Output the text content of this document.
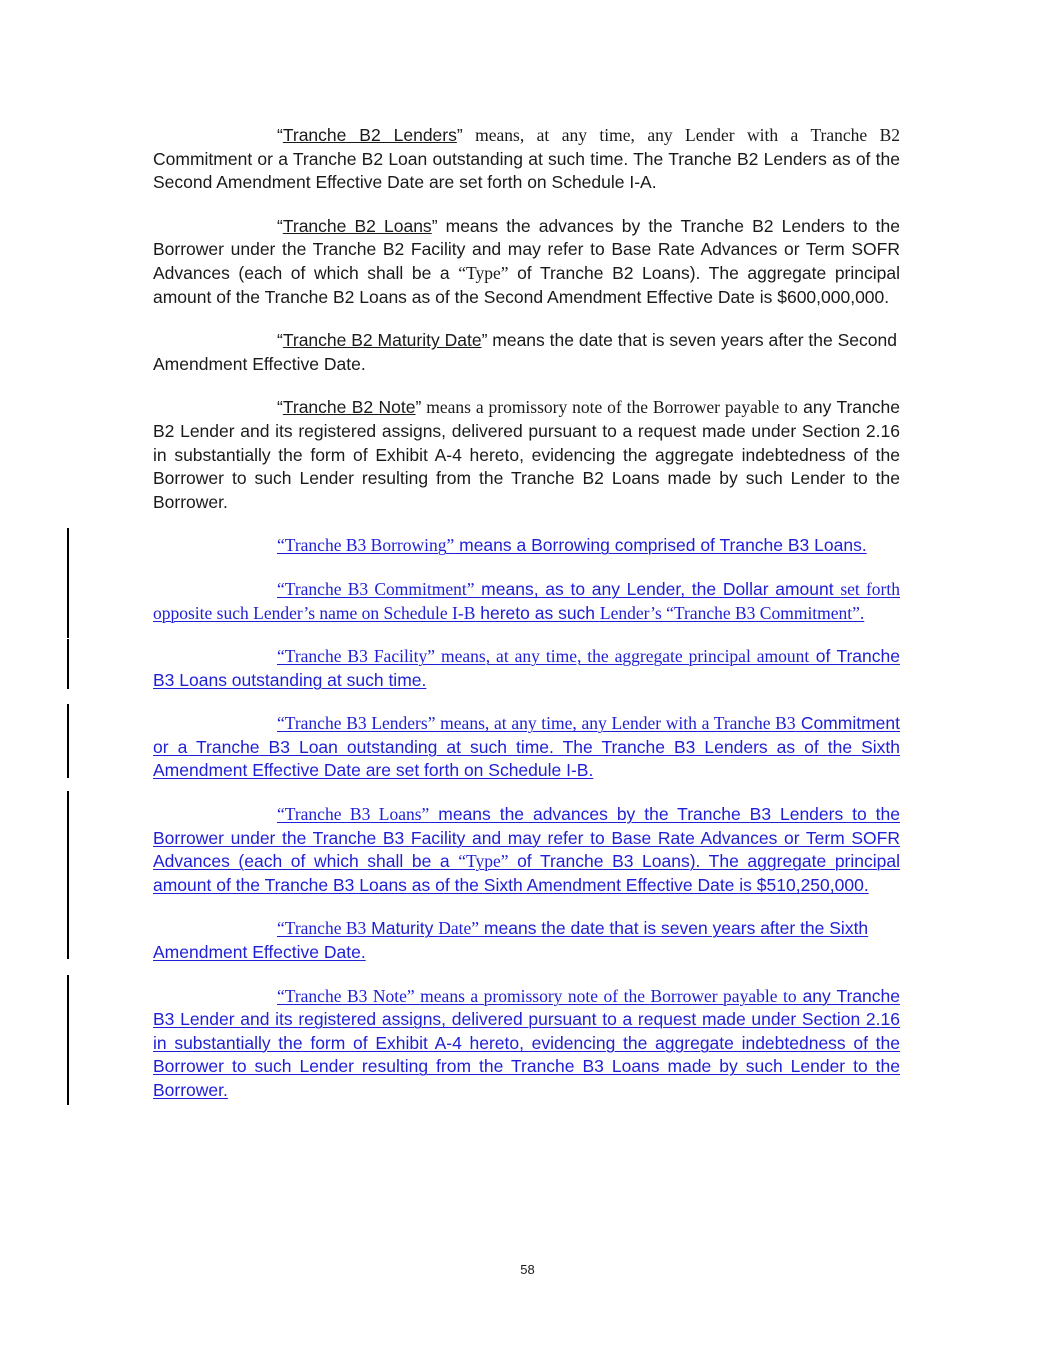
“Tranche B2 Lenders” means, at any time, any Lender with a Tranche B2 Commitment or a Tranche B2 Loan outstanding at such time. The Tranche B2 Lenders as of the Second Amendment Effective Date are set forth on Schedule I-A.

“Tranche B2 Loans” means the advances by the Tranche B2 Lenders to the Borrower under the Tranche B2 Facility and may refer to Base Rate Advances or Term SOFR Advances (each of which shall be a “Type” of Tranche B2 Loans). The aggregate principal amount of the Tranche B2 Loans as of the Second Amendment Effective Date is $600,000,000.

“Tranche B2 Maturity Date” means the date that is seven years after the Second Amendment Effective Date.

“Tranche B2 Note” means a promissory note of the Borrower payable to any Tranche B2 Lender and its registered assigns, delivered pursuant to a request made under Section 2.16 in substantially the form of Exhibit A-4 hereto, evidencing the aggregate indebtedness of the Borrower to such Lender resulting from the Tranche B2 Loans made by such Lender to the Borrower.

“Tranche B3 Borrowing” means a Borrowing comprised of Tranche B3 Loans.

“Tranche B3 Commitment” means, as to any Lender, the Dollar amount set forth opposite such Lender’s name on Schedule I-B hereto as such Lender’s “Tranche B3 Commitment”.

“Tranche B3 Facility” means, at any time, the aggregate principal amount of Tranche B3 Loans outstanding at such time.

“Tranche B3 Lenders” means, at any time, any Lender with a Tranche B3 Commitment or a Tranche B3 Loan outstanding at such time. The Tranche B3 Lenders as of the Sixth Amendment Effective Date are set forth on Schedule I-B.

“Tranche B3 Loans” means the advances by the Tranche B3 Lenders to the Borrower under the Tranche B3 Facility and may refer to Base Rate Advances or Term SOFR Advances (each of which shall be a “Type” of Tranche B3 Loans). The aggregate principal amount of the Tranche B3 Loans as of the Sixth Amendment Effective Date is $510,250,000.

“Tranche B3 Maturity Date” means the date that is seven years after the Sixth Amendment Effective Date.

“Tranche B3 Note” means a promissory note of the Borrower payable to any Tranche B3 Lender and its registered assigns, delivered pursuant to a request made under Section 2.16 in substantially the form of Exhibit A-4 hereto, evidencing the aggregate indebtedness of the Borrower to such Lender resulting from the Tranche B3 Loans made by such Lender to the Borrower.

58
